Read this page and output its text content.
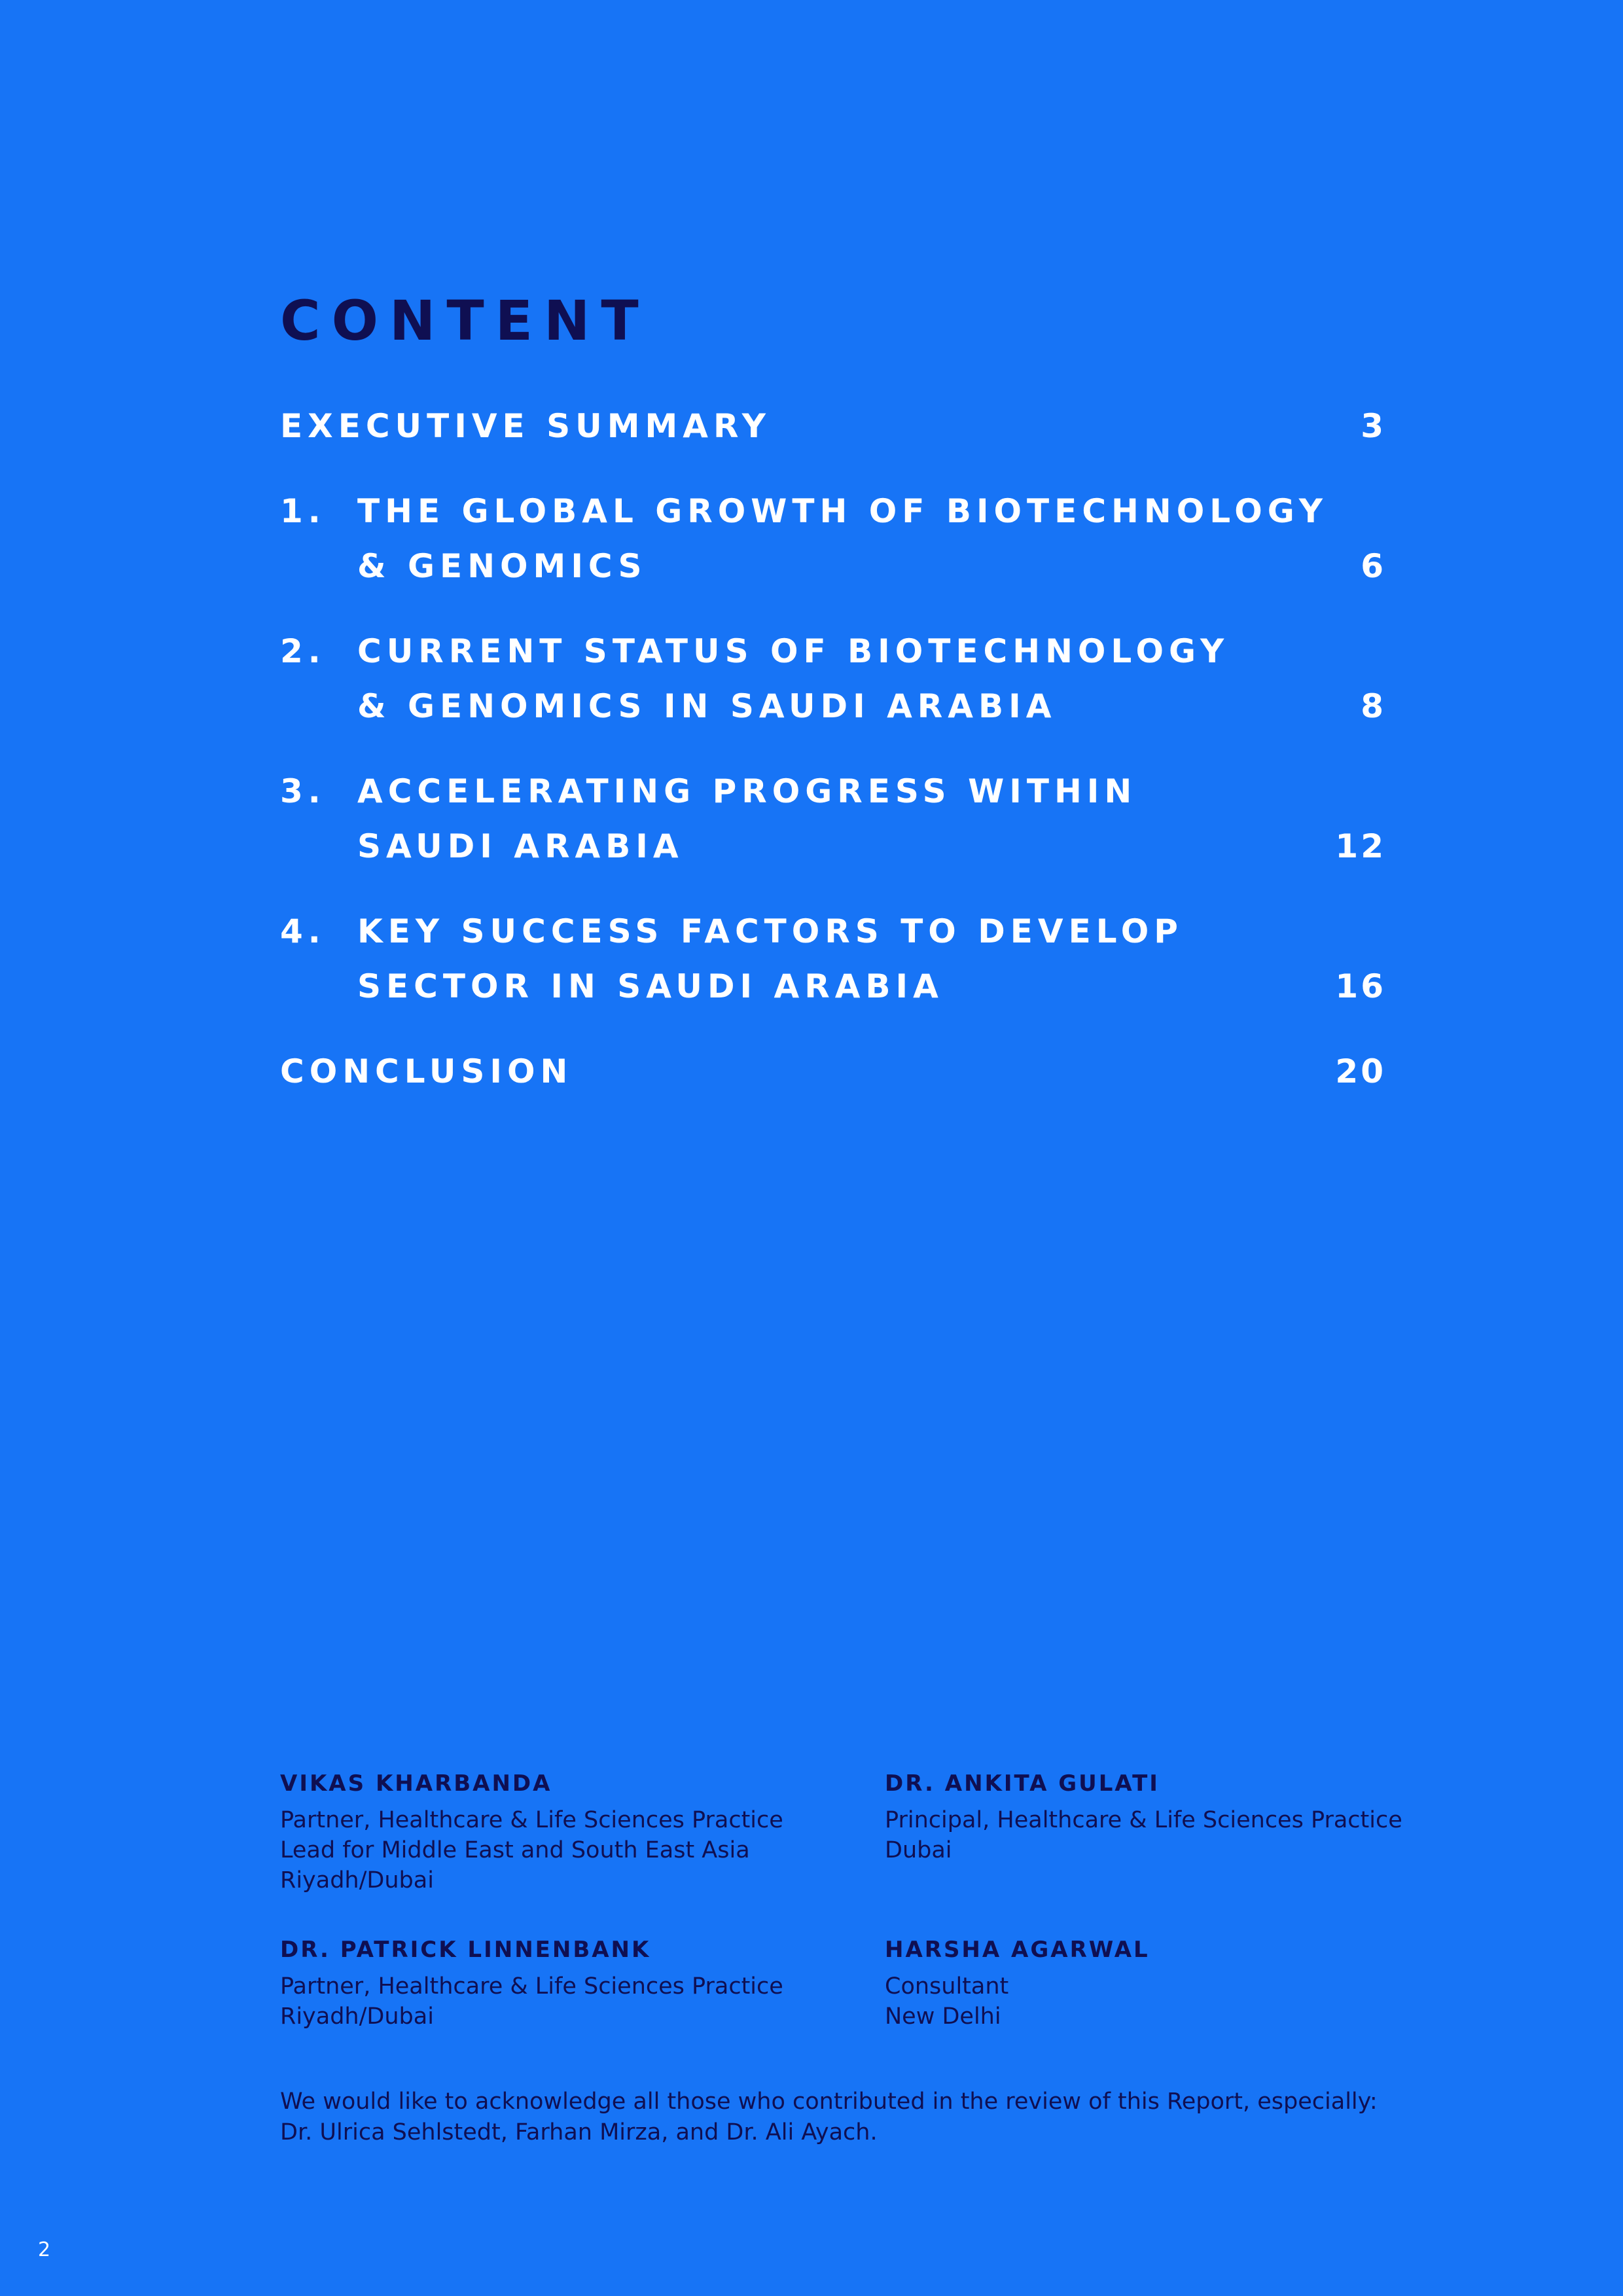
CONTENT
EXECUTIVE SUMMARY	3
1. THE GLOBAL GROWTH OF BIOTECHNOLOGY
& GENOMICS	6
2. CURRENT STATUS OF BIOTECHNOLOGY
& GENOMICS IN SAUDI ARABIA	8
3. ACCELERATING PROGRESS WITHIN
SAUDI ARABIA	12
4. KEY SUCCESS FACTORS TO DEVELOP
SECTOR IN SAUDI ARABIA	16
CONCLUSION	20
VIKAS KHARBANDA
Partner, Healthcare & Life Sciences Practice
Lead for Middle East and South East Asia
Riyadh/Dubai
DR. ANKITA GULATI
Principal, Healthcare & Life Sciences Practice
Dubai
DR. PATRICK LINNENBANK
Partner, Healthcare & Life Sciences Practice
Riyadh/Dubai
HARSHA AGARWAL
Consultant
New Delhi
We would like to acknowledge all those who contributed in the review of this Report, especially:
Dr. Ulrica Sehlstedt, Farhan Mirza, and Dr. Ali Ayach.
2
